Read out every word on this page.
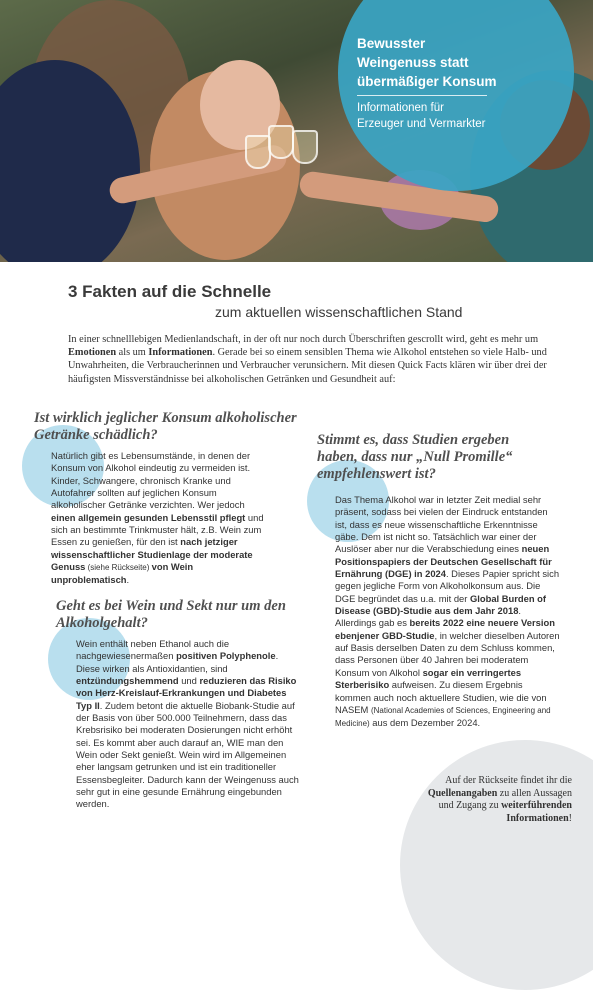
Bewusster
Weingenuss statt
übermäßiger Konsum
Informationen für
Erzeuger und Vermarkter
3 Fakten auf die Schnelle
zum aktuellen wissenschaftlichen Stand
In einer schnelllebigen Medienlandschaft, in der oft nur noch durch Überschriften gescrollt wird, geht es mehr um Emotionen als um Informationen. Gerade bei so einem sensiblen Thema wie Alkohol entstehen so viele Halb- und Unwahrheiten, die Verbraucherinnen und Verbraucher verunsichern. Mit diesen Quick Facts klären wir über drei der häufigsten Missverständnisse bei alkoholischen Getränken und Gesundheit auf:
Ist wirklich jeglicher Konsum alkoholischer Getränke schädlich?
Natürlich gibt es Lebensumstände, in denen der Konsum von Alkohol eindeutig zu vermeiden ist. Kinder, Schwangere, chronisch Kranke und Autofahrer sollten auf jeglichen Konsum alkoholischer Getränke verzichten. Wer jedoch einen allgemein gesunden Lebensstil pflegt und sich an bestimmte Trinkmuster hält, z.B. Wein zum Essen zu genießen, für den ist nach jetziger wissenschaftlicher Studienlage der moderate Genuss (siehe Rückseite) von Wein unproblematisch.
Geht es bei Wein und Sekt nur um den Alkoholgehalt?
Wein enthält neben Ethanol auch die nachgewiesenermaßen positiven Polyphenole. Diese wirken als Antioxidantien, sind entzündungshemmend und reduzieren das Risiko von Herz-Kreislauf-Erkrankungen und Diabetes Typ II. Zudem betont die aktuelle Biobank-Studie auf der Basis von über 500.000 Teilnehmern, dass das Krebsrisiko bei moderaten Dosierungen nicht erhöht sei. Es kommt aber auch darauf an, WIE man den Wein oder Sekt genießt. Wein wird im Allgemeinen eher langsam getrunken und ist ein traditioneller Essensbegleiter. Dadurch kann der Weingenuss auch sehr gut in eine gesunde Ernährung eingebunden werden.
Stimmt es, dass Studien ergeben haben, dass nur „Null Promille“ empfehlenswert ist?
Das Thema Alkohol war in letzter Zeit medial sehr präsent, sodass bei vielen der Eindruck entstanden ist, dass es neue wissenschaftliche Erkenntnisse gäbe. Dem ist nicht so. Tatsächlich war einer der Auslöser aber nur die Verabschiedung eines neuen Positionspapiers der Deutschen Gesellschaft für Ernährung (DGE) in 2024. Dieses Papier spricht sich gegen jegliche Form von Alkoholkonsum aus. Die DGE begründet das u.a. mit der Global Burden of Disease (GBD)-Studie aus dem Jahr 2018. Allerdings gab es bereits 2022 eine neuere Version ebenjener GBD-Studie, in welcher dieselben Autoren auf Basis derselben Daten zu dem Schluss kommen, dass Personen über 40 Jahren bei moderatem Konsum von Alkohol sogar ein verringertes Sterberisiko aufweisen. Zu diesem Ergebnis kommen auch noch aktuellere Studien, wie die von NASEM (National Academies of Sciences, Engineering and Medicine) aus dem Dezember 2024.
Auf der Rückseite findet ihr die Quellenangaben zu allen Aussagen und Zugang zu weiterführenden Informationen!
